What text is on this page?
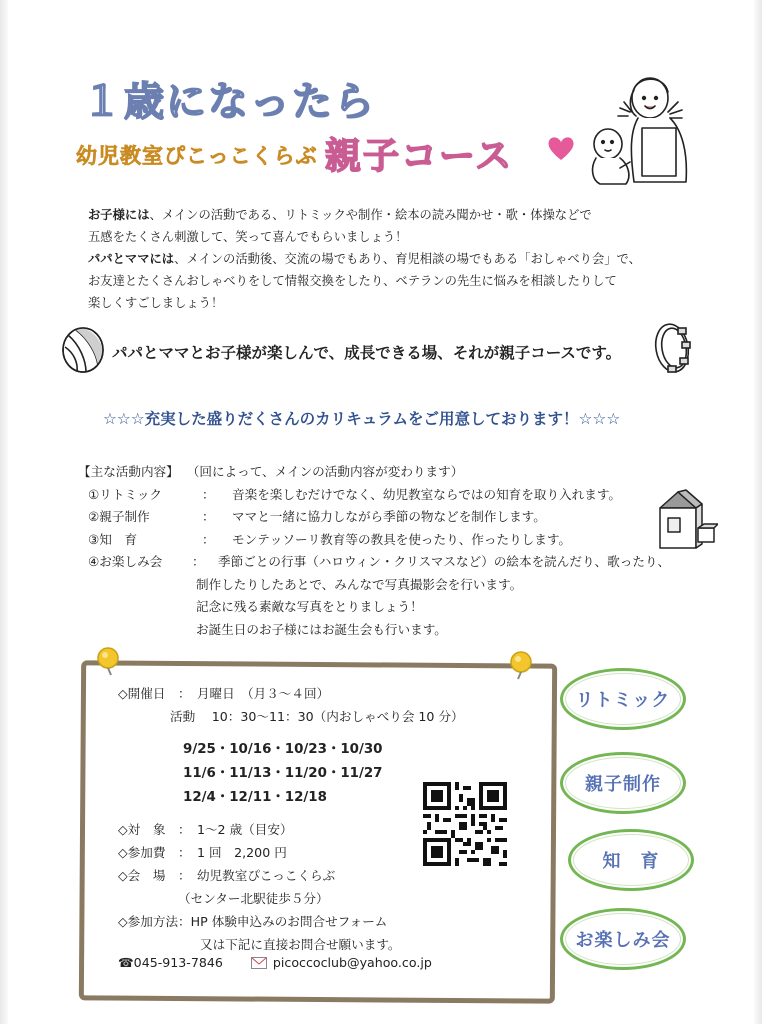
１歳になったら
幼児教室ぴこっこくらぶ 親子コース
お子様には、メインの活動である、リトミックや制作・絵本の読み聞かせ・歌・体操などで
五感をたくさん刺激して、笑って喜んでもらいましょう！
パパとママには、メインの活動後、交流の場でもあり、育児相談の場でもある「おしゃべり会」で、
お友達とたくさんおしゃべりをして情報交換をしたり、ベテランの先生に悩みを相談したりして
楽しくすごしましょう！
パパとママとお子様が楽しんで、成長できる場、それが親子コースです。
☆☆☆充実した盛りだくさんのカリキュラムをご用意しております！☆☆☆
【主な活動内容】 （回によって、メインの活動内容が変わります）
①リトミック	：	音楽を楽しむだけでなく、幼児教室ならではの知育を取り入れます。
②親子制作	：	ママと一緒に協力しながら季節の物などを制作します。
③知　育	：	モンテッソーリ教育等の教具を使ったり、作ったりします。
④お楽しみ会	：	季節ごとの行事（ハロウィン・クリスマスなど）の絵本を読んだり、歌ったり、
制作したりしたあとで、みんなで写真撮影会を行います。
記念に残る素敵な写真をとりましょう！
お誕生日のお子様にはお誕生会も行います。
◇開催日　：　月曜日　（月３～４回）
活動　 10：30～11：30（内おしゃべり会 10 分）
9/25・10/16・10/23・10/30
11/6・11/13・11/20・11/27
12/4・12/11・12/18
◇対　象　：　1～2 歳（目安）
◇参加費　：　1 回　2,200 円
◇会　場　：　幼児教室ぴこっこくらぶ
（センター北駅徒歩５分）
◇参加方法：HP 体験申込みのお問合せフォーム
又は下記に直接お問合せ願います。
☎045-913-7846	picoccoclub@yahoo.co.jp
リトミック
親子制作
知　育
お楽しみ会
